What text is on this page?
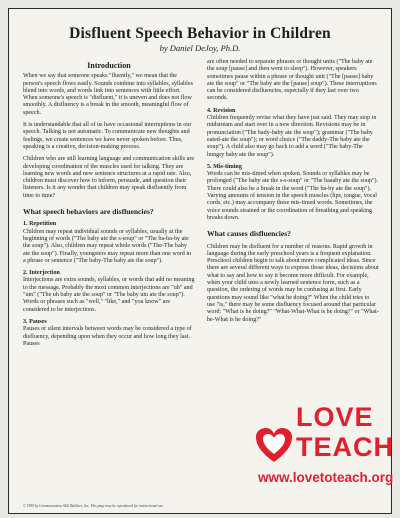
Disfluent Speech Behavior in Children
by Daniel DeJoy, Ph.D.
Introduction

When we say that someone speaks "fluently," we mean that the person's speech flows easily. Sounds combine into syllables, syllables blend into words, and words link into sentences with little effort. When someone's speech is "disfluent," it is uneven and does not flow smoothly. A disfluency is a break in the smooth, meaningful flow of speech.

It is understandable that all of us have occasional interruptions in our speech. Talking is not automatic. To communicate new thoughts and feelings, we create sentences we have never spoken before. Thus, speaking is a creative, decision-making process.

Children who are still learning language and communication skills are developing coordination of the muscles used for talking. They are learning new words and new sentence structures at a rapid rate. Also, children must discover how to inform, persuade, and question their listeners. Is it any wonder that children may speak disfluently from time to time?

What speech behaviors are disfluencies?
1. Repetition

Children may repeat individual sounds or syllables, usually at the beginning of words ("The baby ate the s-soup" or "The ba-ba-by ate the soup"). Also, children may repeat whole words ("The-The baby ate the soup"). Finally, youngsters may repeat more than one word in a phrase or sentence ("The baby-The baby ate the soup").

2. Interjection

Interjections are extra sounds, syllables, or words that add no meaning to the message. Probably the most common interjections are "uh" and "um" ("The uh baby ate the soup" or "The baby um ate the soup"). Words or phrases such as "well," "like," and "you know" are considered to be interjections.

3. Pauses

Pauses or silent intervals between words may be considered a type of disfluency, depending upon when they occur and how long they last. Pauses

are often needed to separate phrases or thought units ("The baby ate the soup [pause] and then went to sleep"). However, speakers sometimes pause within a phrase or thought unit ("The [pause] baby ate the soup" or "The baby ate the [pause] soup"). These interruptions can be considered disfluencies, especially if they last over two seconds.

4. Revision

Children frequently revise what they have just said. They may stop in midstream and start over in a new direction. Revisions may be in pronunciation ("The bady-baby ate the soup"); grammar ("The baby eated-ate the soup"); or word choice ("The daddy-The baby ate the soup"). A child also may go back to add a word ("The baby-The hungry baby ate the soup").

5. Mis-timing

Words can be mis-timed when spoken. Sounds or syllables may be prolonged ("The baby ate the s-s-soup" or "The baaaby ate the soup"). There could also be a break in the word ("The ba-by ate the soup"). Varying amounts of tension in the speech muscles (lips, tongue, vocal cords, etc.) may accompany these mis-timed words. Sometimes, the voice sounds strained or the coordination of breathing and speaking breaks down.

What causes disfluencies?

Children may be disfluent for a number of reasons. Rapid growth in language during the early preschool years is a frequent explanation. Preschool children begin to talk about more complicated ideas. Since there are several different ways to express those ideas, decisions about what to say and how to say it become more difficult. For example, when your child uses a newly learned sentence form, such as a question, the ordering of words may be confusing at first. Early questions may sound like "what he doing?" When the child tries to use "is," there may be some disfluency focused around that particular word: "What is he doing?" "What-What-What is he doing?" or "What-he-What is he doing?"

© 1989 by Communication Skill Builders, Inc. This page may be reproduced for instructional use.
LOVE
TEACH
www.lovetoteach.org
